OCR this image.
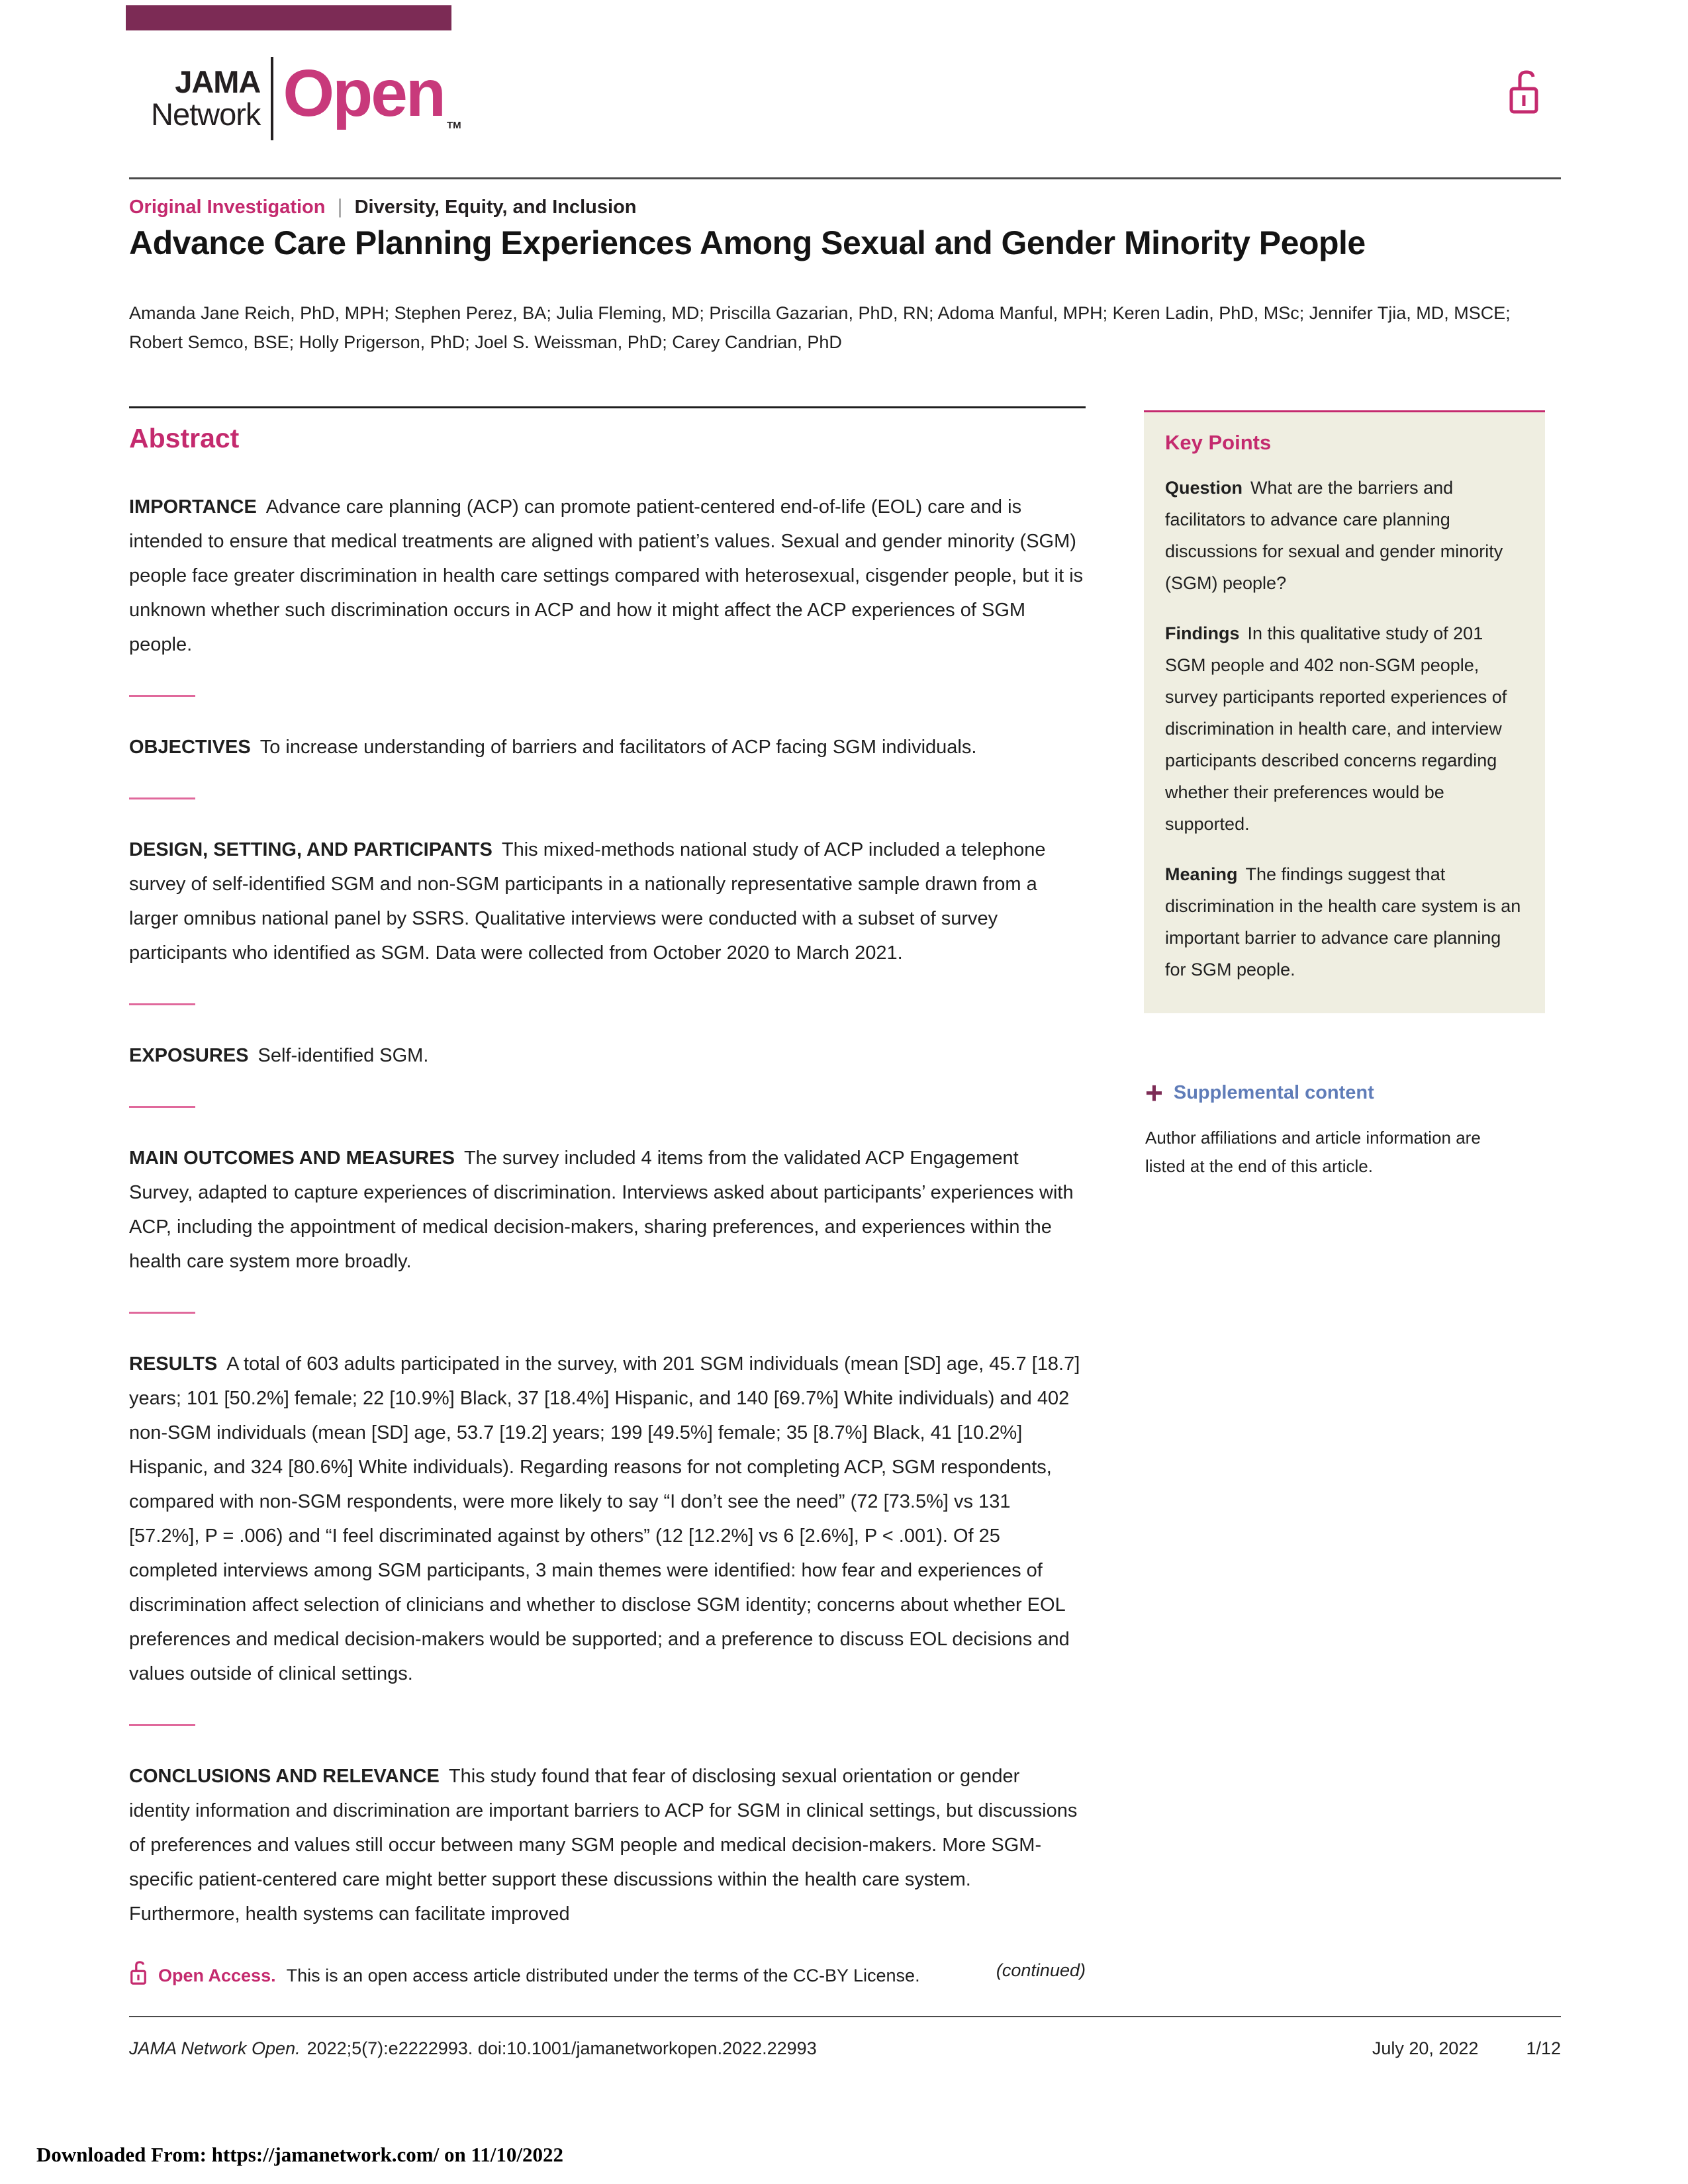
JAMA
Network Open TM
Original Investigation | Diversity, Equity, and Inclusion
Advance Care Planning Experiences Among Sexual and Gender Minority People
Amanda Jane Reich, PhD, MPH; Stephen Perez, BA; Julia Fleming, MD; Priscilla Gazarian, PhD, RN; Adoma Manful, MPH; Keren Ladin, PhD, MSc; Jennifer Tjia, MD, MSCE;
Robert Semco, BSE; Holly Prigerson, PhD; Joel S. Weissman, PhD; Carey Candrian, PhD
Abstract

IMPORTANCE Advance care planning (ACP) can promote patient-centered end-of-life (EOL) care and is intended to ensure that medical treatments are aligned with patient’s values. Sexual and gender minority (SGM) people face greater discrimination in health care settings compared with heterosexual, cisgender people, but it is unknown whether such discrimination occurs in ACP and how it might affect the ACP experiences of SGM people.

OBJECTIVES To increase understanding of barriers and facilitators of ACP facing SGM individuals.

DESIGN, SETTING, AND PARTICIPANTS This mixed-methods national study of ACP included a telephone survey of self-identified SGM and non-SGM participants in a nationally representative sample drawn from a larger omnibus national panel by SSRS. Qualitative interviews were conducted with a subset of survey participants who identified as SGM. Data were collected from October 2020 to March 2021.

EXPOSURES Self-identified SGM.

MAIN OUTCOMES AND MEASURES The survey included 4 items from the validated ACP Engagement Survey, adapted to capture experiences of discrimination. Interviews asked about participants’ experiences with ACP, including the appointment of medical decision-makers, sharing preferences, and experiences within the health care system more broadly.

RESULTS A total of 603 adults participated in the survey, with 201 SGM individuals (mean [SD] age, 45.7 [18.7] years; 101 [50.2%] female; 22 [10.9%] Black, 37 [18.4%] Hispanic, and 140 [69.7%] White individuals) and 402 non-SGM individuals (mean [SD] age, 53.7 [19.2] years; 199 [49.5%] female; 35 [8.7%] Black, 41 [10.2%] Hispanic, and 324 [80.6%] White individuals). Regarding reasons for not completing ACP, SGM respondents, compared with non-SGM respondents, were more likely to say “I don’t see the need” (72 [73.5%] vs 131 [57.2%], P = .006) and “I feel discriminated against by others” (12 [12.2%] vs 6 [2.6%], P < .001). Of 25 completed interviews among SGM participants, 3 main themes were identified: how fear and experiences of discrimination affect selection of clinicians and whether to disclose SGM identity; concerns about whether EOL preferences and medical decision-makers would be supported; and a preference to discuss EOL decisions and values outside of clinical settings.

CONCLUSIONS AND RELEVANCE This study found that fear of disclosing sexual orientation or gender identity information and discrimination are important barriers to ACP for SGM in clinical settings, but discussions of preferences and values still occur between many SGM people and medical decision-makers. More SGM-specific patient-centered care might better support these discussions within the health care system. Furthermore, health systems can facilitate improved

(continued)
Key Points

Question What are the barriers and facilitators to advance care planning discussions for sexual and gender minority (SGM) people?

Findings In this qualitative study of 201 SGM people and 402 non-SGM people, survey participants reported experiences of discrimination in health care, and interview participants described concerns regarding whether their preferences would be supported.

Meaning The findings suggest that discrimination in the health care system is an important barrier to advance care planning for SGM people.

+ Supplemental content
Author affiliations and article information are listed at the end of this article.
Open Access. This is an open access article distributed under the terms of the CC-BY License.
JAMA Network Open. 2022;5(7):e2222993. doi:10.1001/jamanetworkopen.2022.22993	July 20, 2022	1/12
Downloaded From: https://jamanetwork.com/ on 11/10/2022
